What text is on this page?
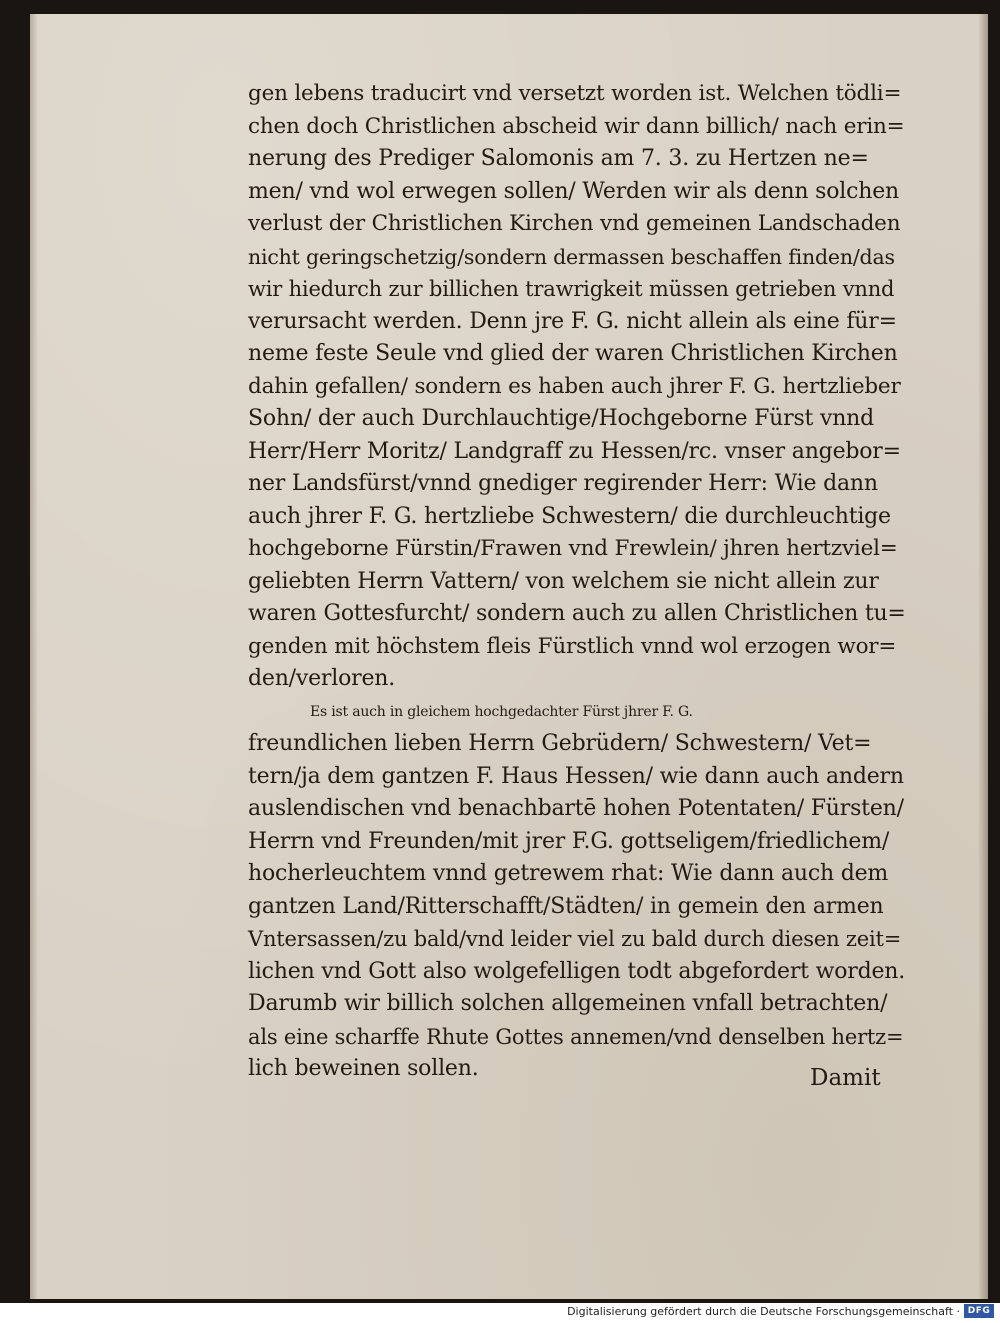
gen lebens traducirt vnd versetzt worden ist. Welchen tödli=
chen doch Christlichen abscheid wir dann billich/ nach erin=
nerung des Prediger Salomonis am 7. 3. zu Hertzen ne=
men/ vnd wol erwegen sollen/ Werden wir als denn solchen
verlust der Christlichen Kirchen vnd gemeinen Landschaden
nicht geringschetzig/sondern dermassen beschaffen finden/das
wir hiedurch zur billichen trawrigkeit müssen getrieben vnnd
verursacht werden. Denn jre F. G. nicht allein als eine für=
neme feste Seule vnd glied der waren Christlichen Kirchen
dahin gefallen/ sondern es haben auch jhrer F. G. hertzlieber
Sohn/ der auch Durchlauchtige/Hochgeborne Fürst vnnd
Herr/Herr Moritz/ Landgraff zu Hessen/rc. vnser angebor=
ner Landsfürst/vnnd gnediger regirender Herr: Wie dann
auch jhrer F. G. hertzliebe Schwestern/ die durchleuchtige
hochgeborne Fürstin/Frawen vnd Frewlein/ jhren hertzviel=
geliebten Herrn Vattern/ von welchem sie nicht allein zur
waren Gottesfurcht/ sondern auch zu allen Christlichen tu=
genden mit höchstem fleis Fürstlich vnnd wol erzogen wor=
den/verloren.
Es ist auch in gleichem hochgedachter Fürst jhrer F. G.
freundlichen lieben Herrn Gebrüdern/ Schwestern/ Vet=
tern/ja dem gantzen F. Haus Hessen/ wie dann auch andern
auslendischen vnd benachbartē hohen Potentaten/ Fürsten/
Herrn vnd Freunden/mit jrer F.G. gottseligem/friedlichem/
hocherleuchtem vnnd getrewem rhat: Wie dann auch dem
gantzen Land/Ritterschafft/Städten/ in gemein den armen
Vntersassen/zu bald/vnd leider viel zu bald durch diesen zeit=
lichen vnd Gott also wolgefelligen todt abgefordert worden.
Darumb wir billich solchen allgemeinen vnfall betrachten/
als eine scharffe Rhute Gottes annemen/vnd denselben hertz=
lich beweinen sollen.	Damit
Digitalisierung gefördert durch die Deutsche Forschungsgemeinschaft · DFG
